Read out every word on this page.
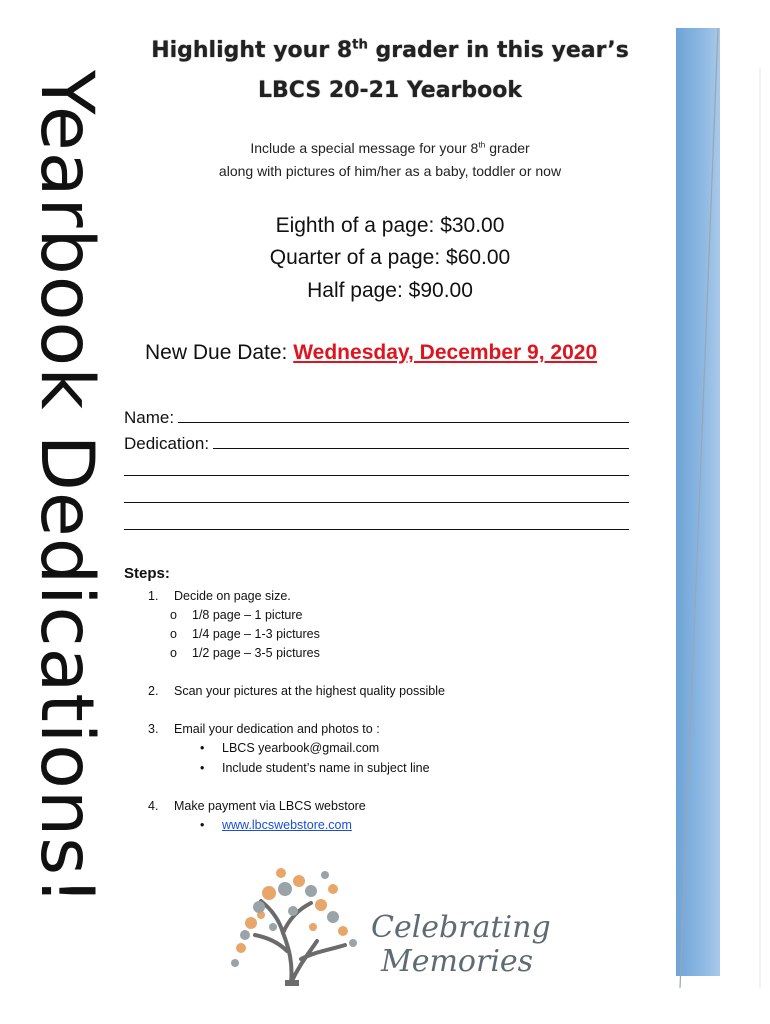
Yearbook Dedications!
Highlight your 8th grader in this year’s
LBCS 20-21 Yearbook
Include a special message for your 8th grader
along with pictures of him/her as a baby, toddler or now
Eighth of a page: $30.00
Quarter of a page: $60.00
Half page: $90.00
New Due Date: Wednesday, December 9, 2020
Name:
Dedication:
Steps:
1. Decide on page size.
o 1/8 page – 1 picture
o 1/4 page – 1-3 pictures
o 1/2 page – 3-5 pictures
2. Scan your pictures at the highest quality possible
3. Email your dedication and photos to :
• LBCS yearbook@gmail.com
• Include student’s name in subject line
4. Make payment via LBCS webstore
• www.lbcswebstore.com
Celebrating
Memories
